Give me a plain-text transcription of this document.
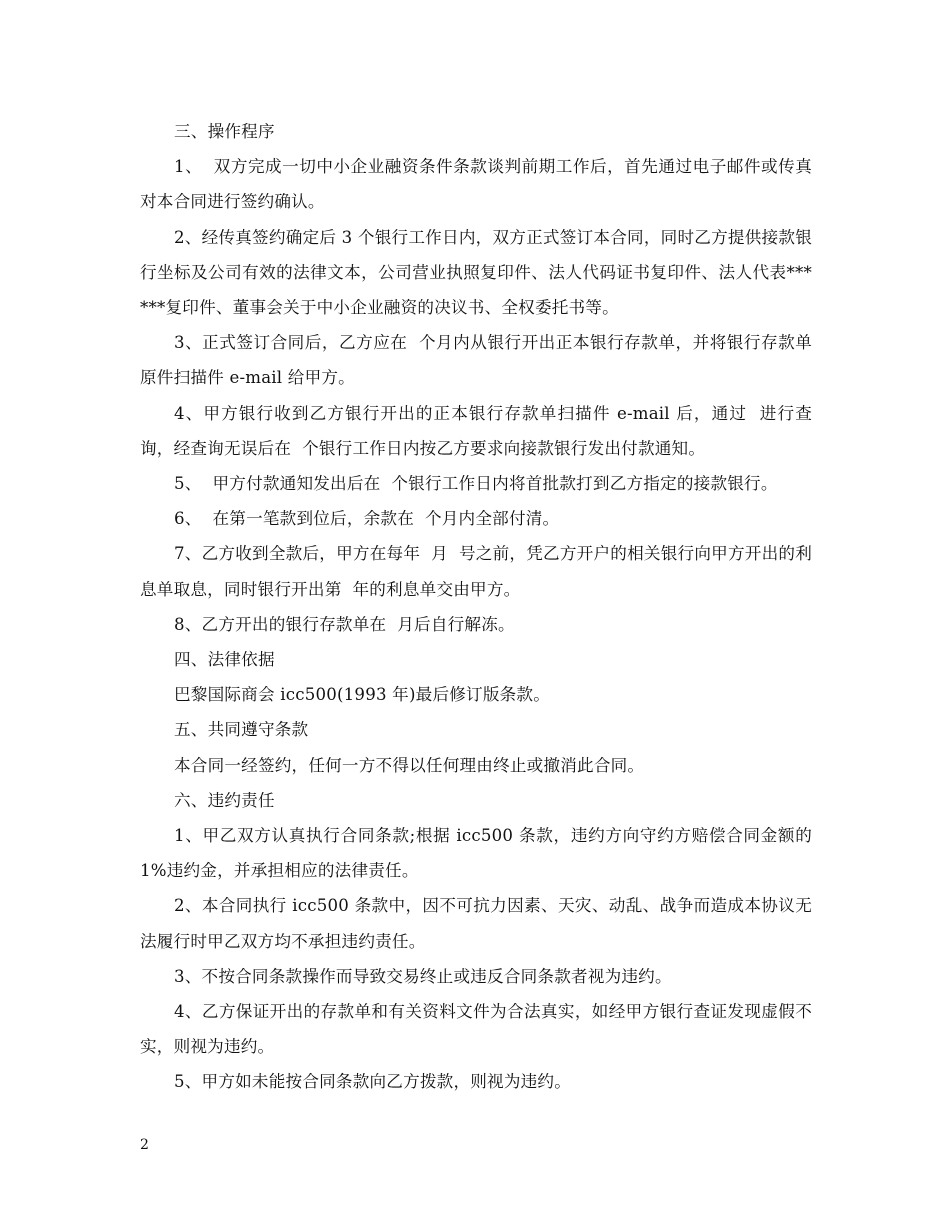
三、操作程序

1、  双方完成一切中小企业融资条件条款谈判前期工作后，首先通过电子邮件或传真对本合同进行签约确认。

2、经传真签约确定后 3 个银行工作日内，双方正式签订本合同，同时乙方提供接款银行坐标及公司有效的法律文本，公司营业执照复印件、法人代码证书复印件、法人代表******复印件、董事会关于中小企业融资的决议书、全权委托书等。

3、正式签订合同后，乙方应在  个月内从银行开出正本银行存款单，并将银行存款单原件扫描件 e-mail 给甲方。

4、甲方银行收到乙方银行开出的正本银行存款单扫描件 e-mail 后，通过  进行查询，经查询无误后在  个银行工作日内按乙方要求向接款银行发出付款通知。

5、  甲方付款通知发出后在  个银行工作日内将首批款打到乙方指定的接款银行。

6、  在第一笔款到位后，余款在  个月内全部付清。

7、乙方收到全款后，甲方在每年  月  号之前，凭乙方开户的相关银行向甲方开出的利息单取息，同时银行开出第  年的利息单交由甲方。

8、乙方开出的银行存款单在  月后自行解冻。

四、法律依据

巴黎国际商会 icc500(1993 年)最后修订版条款。

五、共同遵守条款

本合同一经签约，任何一方不得以任何理由终止或撤消此合同。

六、违约责任

1、甲乙双方认真执行合同条款;根据 icc500 条款，违约方向守约方赔偿合同金额的 1%违约金，并承担相应的法律责任。

2、本合同执行 icc500 条款中，因不可抗力因素、天灾、动乱、战争而造成本协议无法履行时甲乙双方均不承担违约责任。

3、不按合同条款操作而导致交易终止或违反合同条款者视为违约。

4、乙方保证开出的存款单和有关资料文件为合法真实，如经甲方银行查证发现虚假不实，则视为违约。

5、甲方如未能按合同条款向乙方拨款，则视为违约。

2
